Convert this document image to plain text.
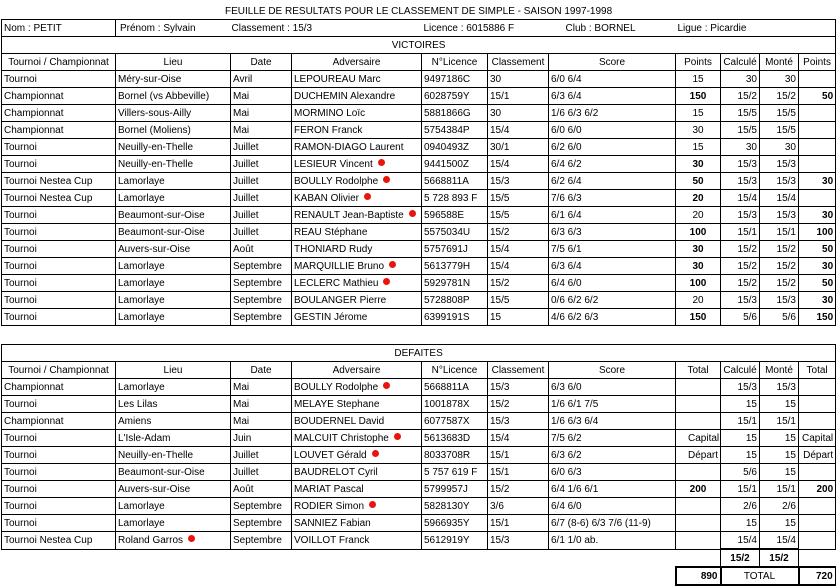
FEUILLE DE RESULTATS POUR LE CLASSEMENT DE SIMPLE - SAISON 1997-1998										
Nom : PETIT	Prénom : Sylvain	Classement : 15/3		Licence : 6015886 F		Club : BORNEL	Ligue : Picardie			
VICTOIRES										
Tournoi / Championnat	Lieu	Date	Adversaire	N°Licence	Classement	Score	Points	Calculé	Monté	Points
Tournoi	Méry-sur-Oise	Avril	LEPOUREAU Marc	9497186C	30	6/0 6/4	15	30	30	
Championnat	Bornel (vs Abbeville)	Mai	DUCHEMIN Alexandre	6028759Y	15/1	6/3 6/4	150	15/2	15/2	50
Championnat	Villers-sous-Ailly	Mai	MORMINO Loïc	5881866G	30	1/6 6/3 6/2	15	15/5	15/5	
Championnat	Bornel (Moliens)	Mai	FERON Franck	5754384P	15/4	6/0 6/0	30	15/5	15/5	
Tournoi	Neuilly-en-Thelle	Juillet	RAMON-DIAGO Laurent	0940493Z	30/1	6/2 6/0	15	30	30	
Tournoi	Neuilly-en-Thelle	Juillet	LESIEUR Vincent	9441500Z	15/4	6/4 6/2	30	15/3	15/3	
Tournoi Nestea Cup	Lamorlaye	Juillet	BOULLY Rodolphe	5668811A	15/3	6/2 6/4	50	15/3	15/3	30
Tournoi Nestea Cup	Lamorlaye	Juillet	KABAN Olivier	5 728 893 F	15/5	7/6 6/3	20	15/4	15/4	
Tournoi	Beaumont-sur-Oise	Juillet	RENAULT Jean-Baptiste	596588E	15/5	6/1 6/4	20	15/3	15/3	30
Tournoi	Beaumont-sur-Oise	Juillet	REAU Stéphane	5575034U	15/2	6/3 6/3	100	15/1	15/1	100
Tournoi	Auvers-sur-Oise	Août	THONIARD Rudy	5757691J	15/4	7/5 6/1	30	15/2	15/2	50
Tournoi	Lamorlaye	Septembre	MARQUILLIE Bruno	5613779H	15/4	6/3 6/4	30	15/2	15/2	30
Tournoi	Lamorlaye	Septembre	LECLERC Mathieu	5929781N	15/2	6/4 6/0	100	15/2	15/2	50
Tournoi	Lamorlaye	Septembre	BOULANGER Pierre	5728808P	15/5	0/6 6/2 6/2	20	15/3	15/3	30
Tournoi	Lamorlaye	Septembre	GESTIN Jérome	6399191S	15	4/6 6/2 6/3	150	5/6	5/6	150

DEFAITES										
Tournoi / Championnat	Lieu	Date	Adversaire	N°Licence	Classement	Score	Total	Calculé	Monté	Total
Championnat	Lamorlaye	Mai	BOULLY Rodolphe	5668811A	15/3	6/3 6/0		15/3	15/3	
Tournoi	Les Lilas	Mai	MELAYE Stephane	1001878X	15/2	1/6 6/1 7/5		15	15	
Championnat	Amiens	Mai	BOUDERNEL David	6077587X	15/3	1/6 6/3 6/4		15/1	15/1	
Tournoi	L'Isle-Adam	Juin	MALCUIT Christophe	5613683D	15/4	7/5 6/2	Capital	15	15	Capital
Tournoi	Neuilly-en-Thelle	Juillet	LOUVET Gérald	8033708R	15/1	6/3 6/2	Départ	15	15	Départ
Tournoi	Beaumont-sur-Oise	Juillet	BAUDRELOT Cyril	5 757 619 F	15/1	6/0 6/3		5/6	15	
Tournoi	Auvers-sur-Oise	Août	MARIAT Pascal	5799957J	15/2	6/4 1/6 6/1	200	15/1	15/1	200
Tournoi	Lamorlaye	Septembre	RODIER Simon	5828130Y	3/6	6/4 6/0		2/6	2/6	
Tournoi	Lamorlaye	Septembre	SANNIEZ Fabian	5966935Y	15/1	6/7 (8-6) 6/3 7/6 (11-9)		15	15	
Tournoi Nestea Cup	Roland Garros	Septembre	VOILLOT Franck	5612919Y	15/3	6/1 1/0 ab.		15/4	15/4	
								15/2	15/2	
							890	TOTAL		720
